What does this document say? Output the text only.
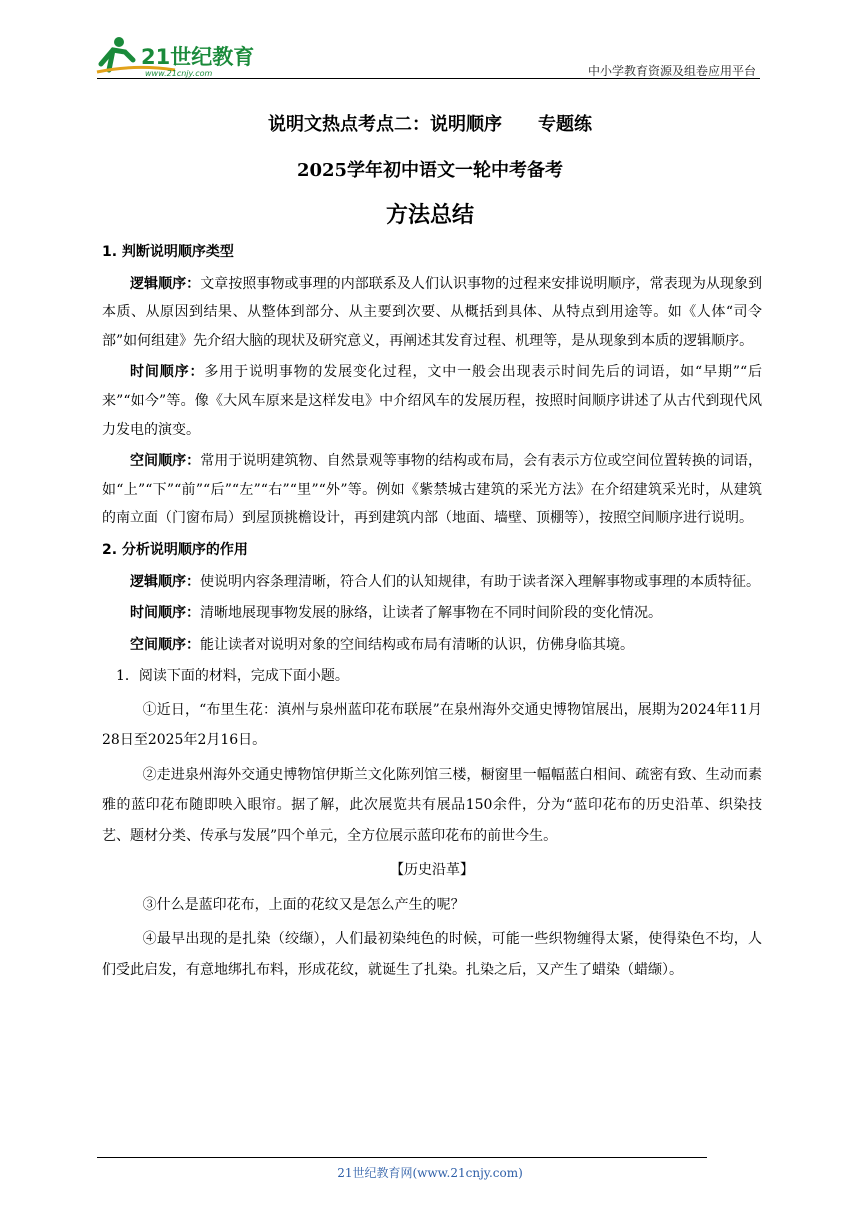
21世纪教育
www.21cnjy.com	中小学教育资源及组卷应用平台
说明文热点考点二：说明顺序 专题练
2025学年初中语文一轮中考备考
方法总结

1. 判断说明顺序类型

逻辑顺序：文章按照事物或事理的内部联系及人们认识事物的过程来安排说明顺序，常表现为从现象到本质、从原因到结果、从整体到部分、从主要到次要、从概括到具体、从特点到用途等。如《人体“司令部”如何组建》先介绍大脑的现状及研究意义，再阐述其发育过程、机理等，是从现象到本质的逻辑顺序。

时间顺序：多用于说明事物的发展变化过程，文中一般会出现表示时间先后的词语，如“早期”“后来”“如今”等。像《大风车原来是这样发电》中介绍风车的发展历程，按照时间顺序讲述了从古代到现代风力发电的演变。

空间顺序：常用于说明建筑物、自然景观等事物的结构或布局，会有表示方位或空间位置转换的词语，如“上”“下”“前”“后”“左”“右”“里”“外”等。例如《紫禁城古建筑的采光方法》在介绍建筑采光时，从建筑的南立面（门窗布局）到屋顶挑檐设计，再到建筑内部（地面、墙壁、顶棚等），按照空间顺序进行说明。

2. 分析说明顺序的作用

逻辑顺序：使说明内容条理清晰，符合人们的认知规律，有助于读者深入理解事物或事理的本质特征。

时间顺序：清晰地展现事物发展的脉络，让读者了解事物在不同时间阶段的变化情况。

空间顺序：能让读者对说明对象的空间结构或布局有清晰的认识，仿佛身临其境。

1．阅读下面的材料，完成下面小题。

①近日，“布里生花：滇州与泉州蓝印花布联展”在泉州海外交通史博物馆展出，展期为2024年11月28日至2025年2月16日。

②走进泉州海外交通史博物馆伊斯兰文化陈列馆三楼，橱窗里一幅幅蓝白相间、疏密有致、生动而素雅的蓝印花布随即映入眼帘。据了解，此次展览共有展品150余件，分为“蓝印花布的历史沿革、织染技艺、题材分类、传承与发展”四个单元，全方位展示蓝印花布的前世今生。

【历史沿革】

③什么是蓝印花布，上面的花纹又是怎么产生的呢？

④最早出现的是扎染（绞缬），人们最初染纯色的时候，可能一些织物缠得太紧，使得染色不均，人们受此启发，有意地绑扎布料，形成花纹，就诞生了扎染。扎染之后，又产生了蜡染（蜡缬）。

21世纪教育网(www.21cnjy.com)
